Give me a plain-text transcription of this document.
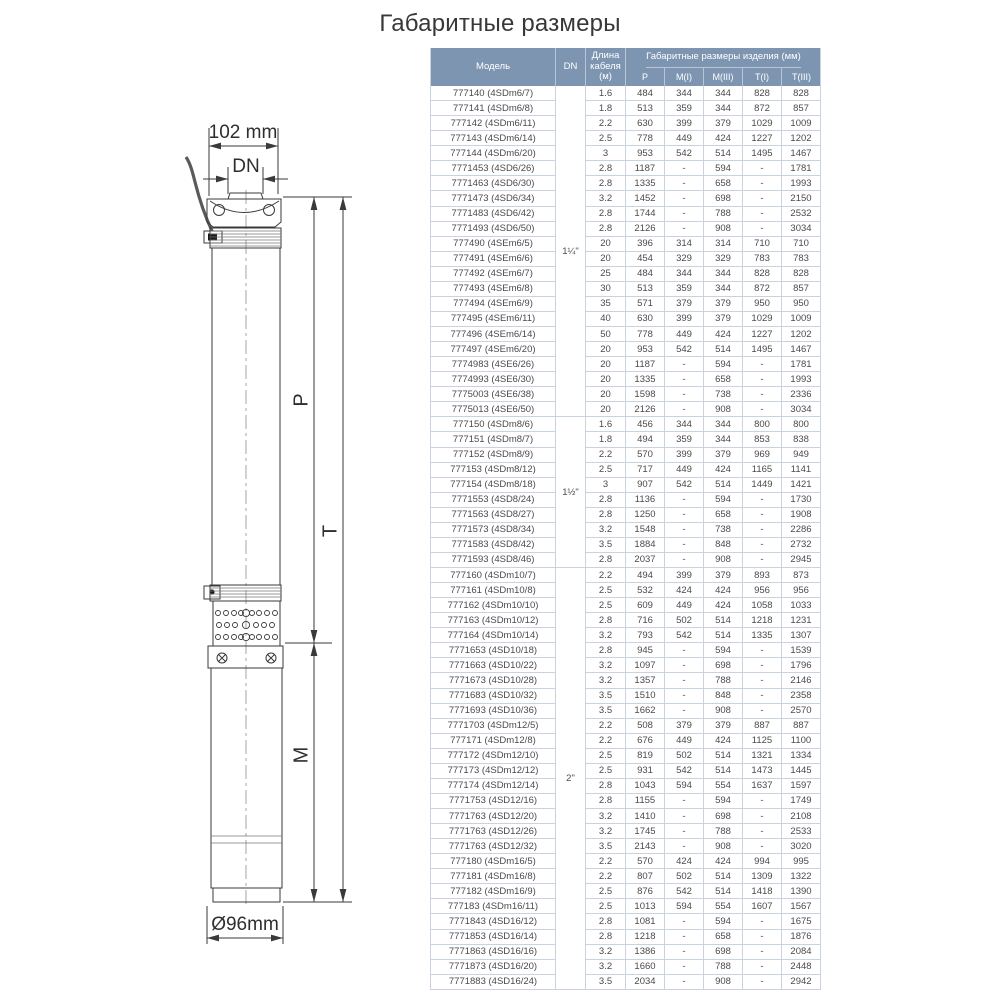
Габаритные размеры
102 mm
DN
P
T
M
Ø96mm
Модель	DN
Длина кабеля (м)
Габаритные размеры изделия (мм)
P	M(I)	M(III)	T(I)	T(III)
1¼"
777140 (4SDm6/7)	1.6	484	344	344	828	828
777141 (4SDm6/8)	1.8	513	359	344	872	857
777142 (4SDm6/11)	2.2	630	399	379	1029	1009
777143 (4SDm6/14)	2.5	778	449	424	1227	1202
777144 (4SDm6/20)	3	953	542	514	1495	1467
7771453 (4SD6/26)	2.8	1187	-	594	-	1781
7771463 (4SD6/30)	2.8	1335	-	658	-	1993
7771473 (4SD6/34)	3.2	1452	-	698	-	2150
7771483 (4SD6/42)	2.8	1744	-	788	-	2532
7771493 (4SD6/50)	2.8	2126	-	908	-	3034
777490 (4SEm6/5)	20	396	314	314	710	710
777491 (4SEm6/6)	20	454	329	329	783	783
777492 (4SEm6/7)	25	484	344	344	828	828
777493 (4SEm6/8)	30	513	359	344	872	857
777494 (4SEm6/9)	35	571	379	379	950	950
777495 (4SEm6/11)	40	630	399	379	1029	1009
777496 (4SEm6/14)	50	778	449	424	1227	1202
777497 (4SEm6/20)	20	953	542	514	1495	1467
7774983 (4SE6/26)	20	1187	-	594	-	1781
7774993 (4SE6/30)	20	1335	-	658	-	1993
7775003 (4SE6/38)	20	1598	-	738	-	2336
7775013 (4SE6/50)	20	2126	-	908	-	3034
1½"
777150 (4SDm8/6)	1.6	456	344	344	800	800
777151 (4SDm8/7)	1.8	494	359	344	853	838
777152 (4SDm8/9)	2.2	570	399	379	969	949
777153 (4SDm8/12)	2.5	717	449	424	1165	1141
777154 (4SDm8/18)	3	907	542	514	1449	1421
7771553 (4SD8/24)	2.8	1136	-	594	-	1730
7771563 (4SD8/27)	2.8	1250	-	658	-	1908
7771573 (4SD8/34)	3.2	1548	-	738	-	2286
7771583 (4SD8/42)	3.5	1884	-	848	-	2732
7771593 (4SD8/46)	2.8	2037	-	908	-	2945
2"
777160 (4SDm10/7)	2.2	494	399	379	893	873
777161 (4SDm10/8)	2.5	532	424	424	956	956
777162 (4SDm10/10)	2.5	609	449	424	1058	1033
777163 (4SDm10/12)	2.8	716	502	514	1218	1231
777164 (4SDm10/14)	3.2	793	542	514	1335	1307
7771653 (4SD10/18)	2.8	945	-	594	-	1539
7771663 (4SD10/22)	3.2	1097	-	698	-	1796
7771673 (4SD10/28)	3.2	1357	-	788	-	2146
7771683 (4SD10/32)	3.5	1510	-	848	-	2358
7771693 (4SD10/36)	3.5	1662	-	908	-	2570
7771703 (4SDm12/5)	2.2	508	379	379	887	887
777171 (4SDm12/8)	2.2	676	449	424	1125	1100
777172 (4SDm12/10)	2.5	819	502	514	1321	1334
777173 (4SDm12/12)	2.5	931	542	514	1473	1445
777174 (4SDm12/14)	2.8	1043	594	554	1637	1597
7771753 (4SD12/16)	2.8	1155	-	594	-	1749
7771763 (4SD12/20)	3.2	1410	-	698	-	2108
7771763 (4SD12/26)	3.2	1745	-	788	-	2533
7771763 (4SD12/32)	3.5	2143	-	908	-	3020
777180 (4SDm16/5)	2.2	570	424	424	994	995
777181 (4SDm16/8)	2.2	807	502	514	1309	1322
777182 (4SDm16/9)	2.5	876	542	514	1418	1390
777183 (4SDm16/11)	2.5	1013	594	554	1607	1567
7771843 (4SD16/12)	2.8	1081	-	594	-	1675
7771853 (4SD16/14)	2.8	1218	-	658	-	1876
7771863 (4SD16/16)	3.2	1386	-	698	-	2084
7771873 (4SD16/20)	3.2	1660	-	788	-	2448
7771883 (4SD16/24)	3.5	2034	-	908	-	2942
